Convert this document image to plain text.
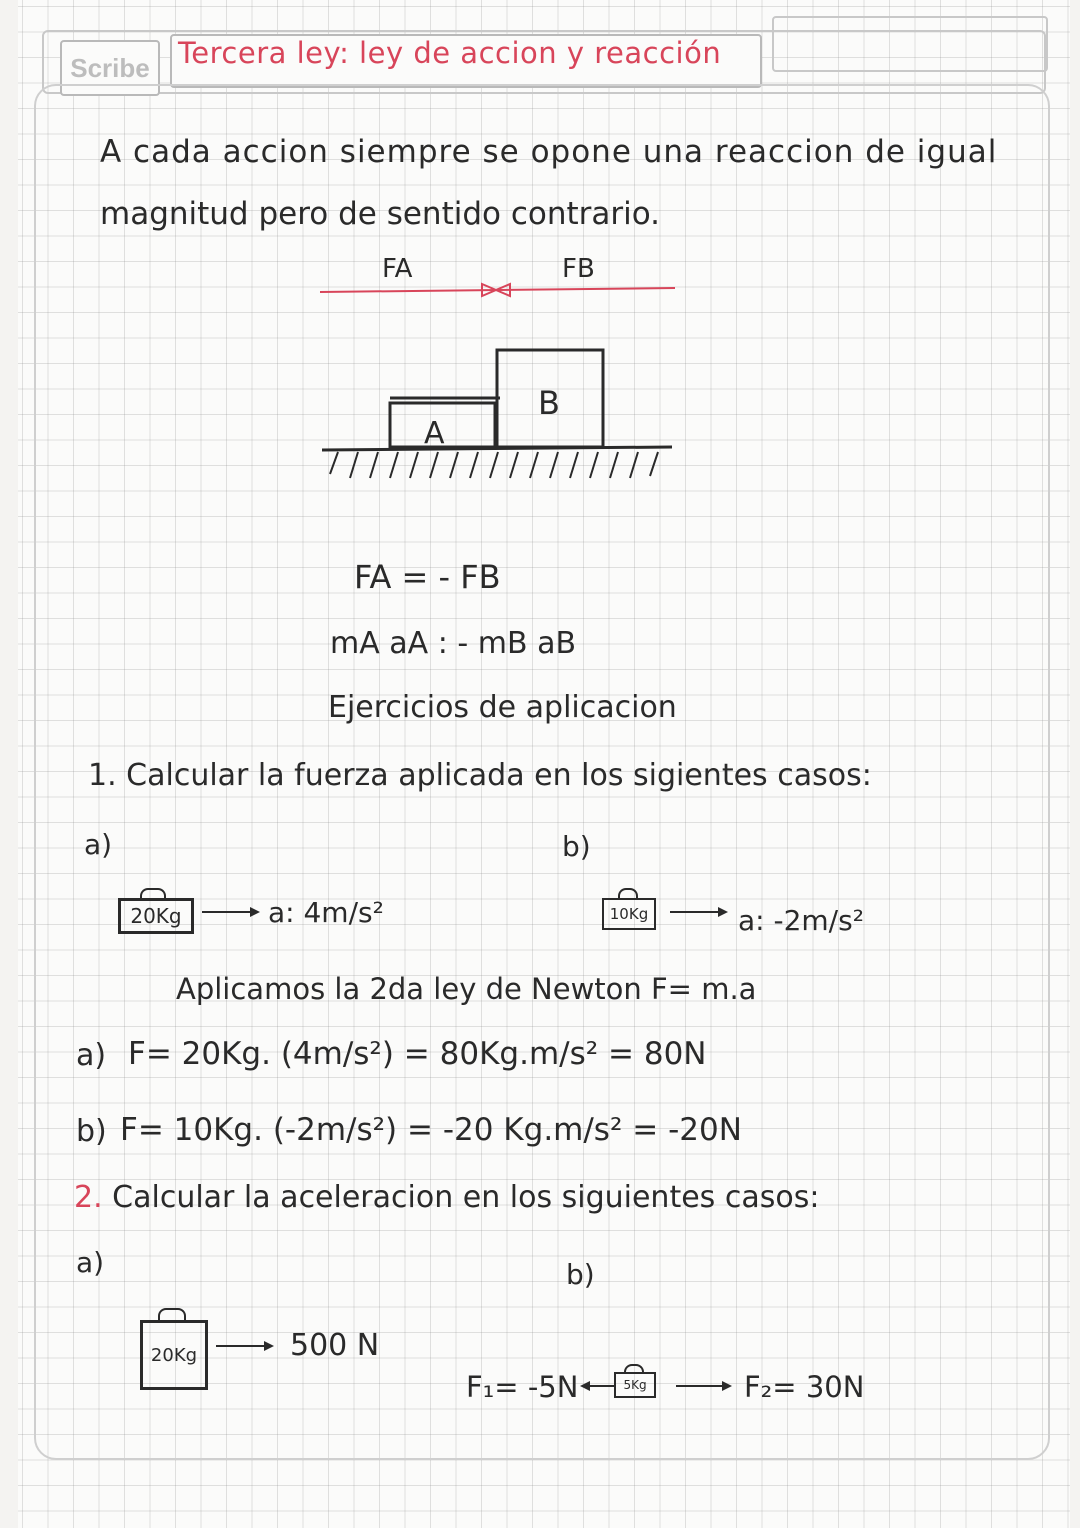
Scribe Tercera ley: ley de accion y reacción
A cada accion siempre se opone una reaccion de igual
magnitud pero de sentido contrario.
FA	FB
A
B
FA = - FB
mA aA : - mB aB
Ejercicios de aplicacion
1. Calcular la fuerza aplicada en los sigientes casos:
a)	b)
20Kg	a: 4m/s²	10Kg	a: -2m/s²
Aplicamos la 2da ley de Newton F= m.a
a) F= 20Kg. (4m/s²) = 80Kg.m/s² = 80N
b) F= 10Kg. (-2m/s²) = -20 Kg.m/s² = -20N
2. Calcular la aceleracion en los siguientes casos:
a)	b)
20Kg	500 N
F₁= -5N	5Kg	F₂= 30N
